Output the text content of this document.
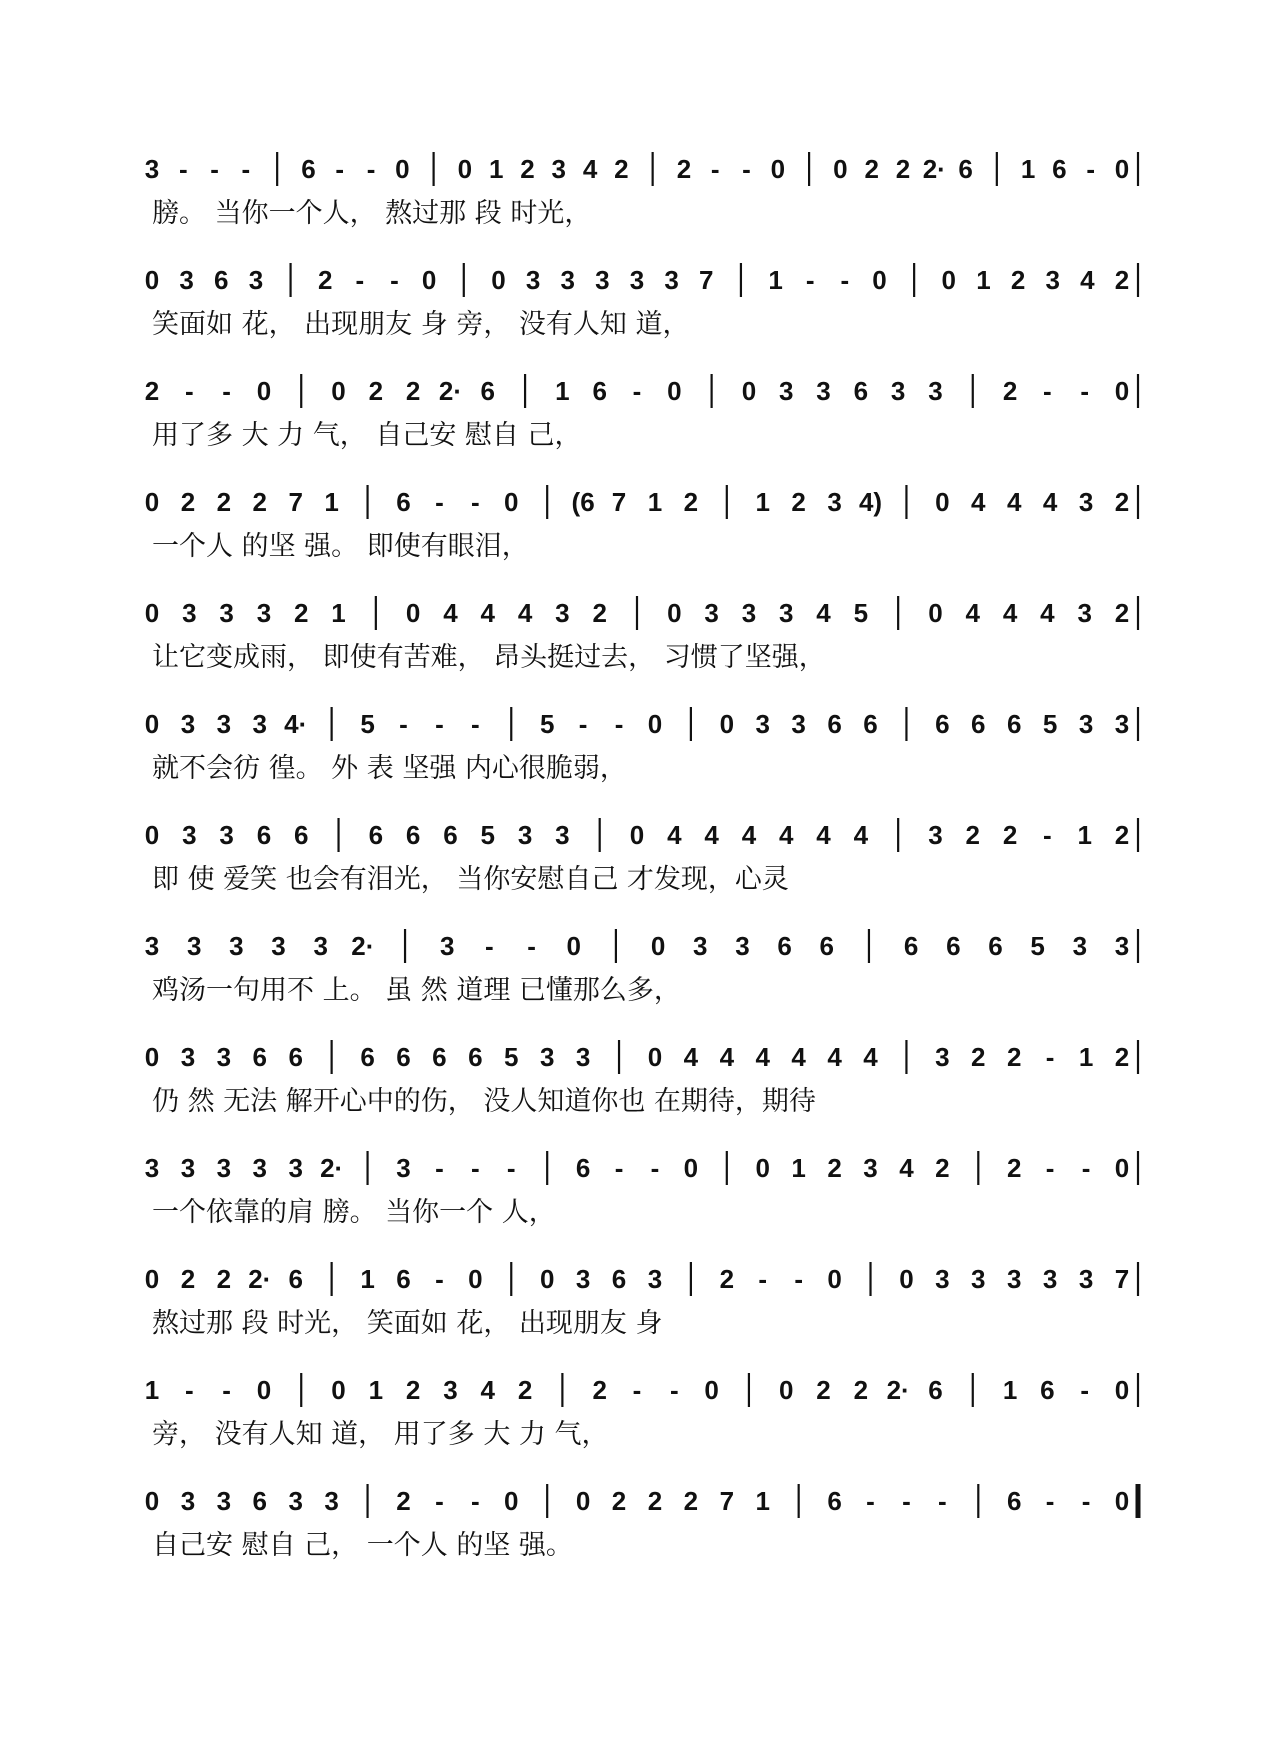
3 - - - 6 - - 0 0 1 2 3 4 2 2 - - 0 0 2 2 2· 6 1 6 - 0
膀。 当你一个人， 熬过那 段 时光，
0 3 6 3 2 - - 0 0 3 3 3 3 3 7 1 - - 0 0 1 2 3 4 2
笑面如 花， 出现朋友 身 旁， 没有人知 道，
2 - - 0 0 2 2 2· 6 1 6 - 0 0 3 3 6 3 3 2 - - 0
用了多 大 力 气， 自己安 慰自 己，
0 2 2 2 7 1 6 - - 0 (6 7 1 2 1 2 3 4) 0 4 4 4 3 2
一个人 的坚 强。 即使有眼泪，
0 3 3 3 2 1 0 4 4 4 3 2 0 3 3 3 4 5 0 4 4 4 3 2
让它变成雨， 即使有苦难， 昂头挺过去， 习惯了坚强，
0 3 3 3 4· 5 - - - 5 - - 0 0 3 3 6 6 6 6 6 5 3 3
就不会彷 徨。 外 表 坚强 内心很脆弱，
0 3 3 6 6 6 6 6 5 3 3 0 4 4 4 4 4 4 3 2 2 - 1 2
即 使 爱笑 也会有泪光， 当你安慰自己 才发现，心灵
3 3 3 3 3 2·	3 - - 0	0 3 3 6 6	6 6 6 5 3 3
鸡汤一句用不 上。 虽 然 道理 已懂那么多，
0 3 3 6 6 6 6 6 6 5 3 3 0 4 4 4 4 4 4 3 2 2 - 1 2
仍 然 无法 解开心中的伤， 没人知道你也 在期待，期待
3 3 3 3 3 2· 3 - - - 6 - - 0 0 1 2 3 4 2 2 - - 0
一个依靠的肩 膀。 当你一个 人，
0 2 2 2· 6 1 6 - 0 0 3 6 3 2 - - 0 0 3 3 3 3 3 7
熬过那 段 时光， 笑面如 花， 出现朋友 身
1 - - 0 0 1 2 3 4 2 2 - - 0 0 2 2 2· 6 1 6 - 0
旁， 没有人知 道， 用了多 大 力 气，
0 3 3 6 3 3 2 - - 0 0 2 2 2 7 1 6 - - - 6 - - 0
自己安 慰自 己， 一个人 的坚 强。
